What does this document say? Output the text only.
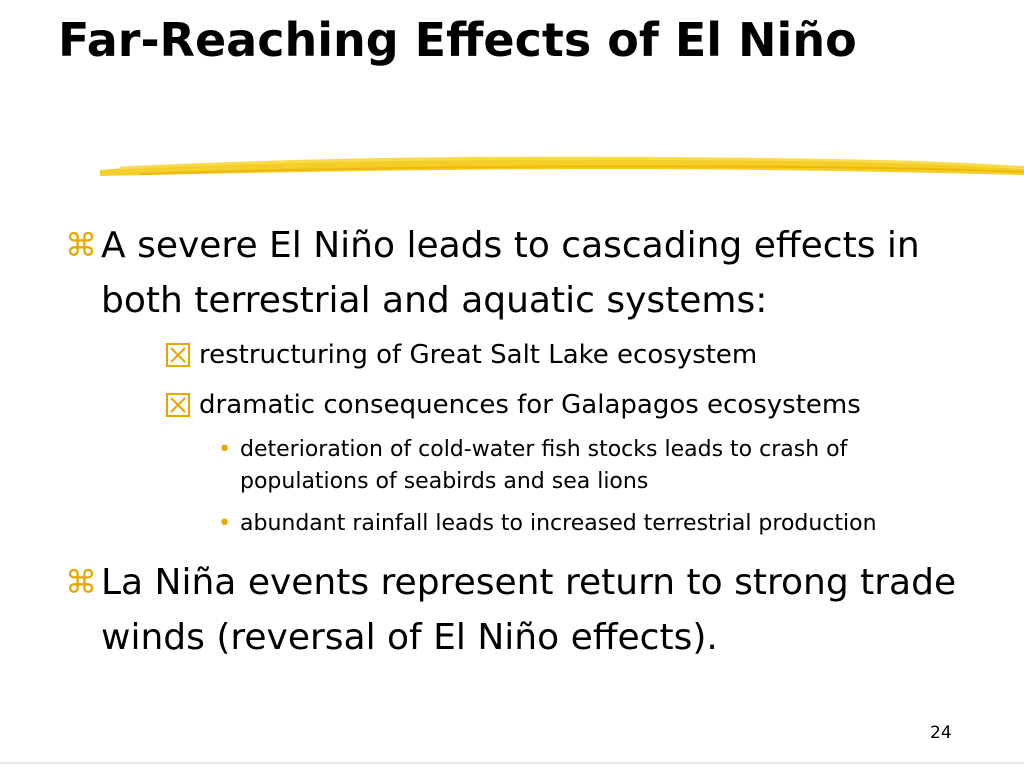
Far-Reaching Effects of El Niño
⌘ A severe El Niño leads to cascading effects in both terrestrial and aquatic systems:
restructuring of Great Salt Lake ecosystem
dramatic consequences for Galapagos ecosystems
• deterioration of cold-water fish stocks leads to crash of populations of seabirds and sea lions
• abundant rainfall leads to increased terrestrial production
⌘ La Niña events represent return to strong trade winds (reversal of El Niño effects).
24
